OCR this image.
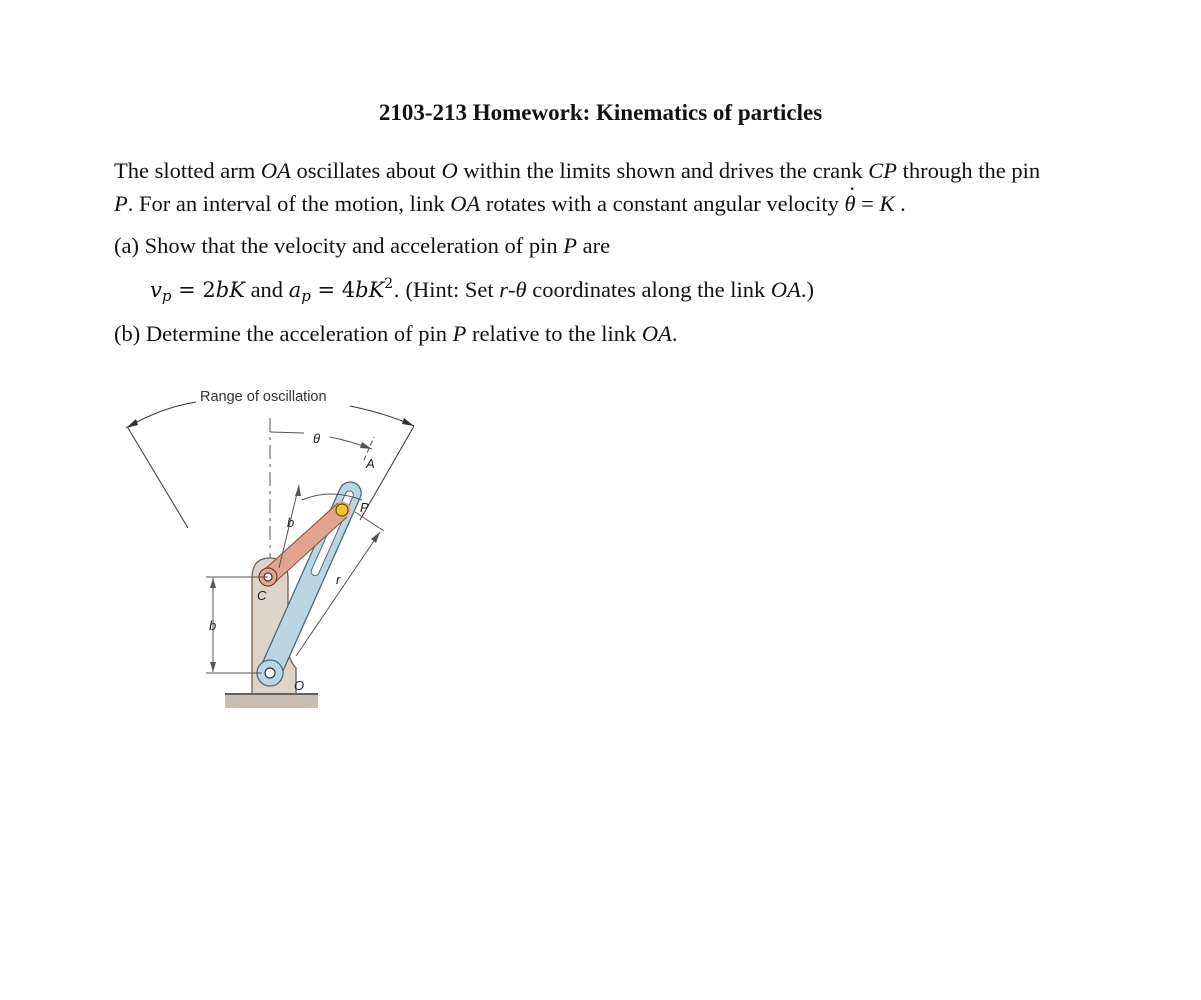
2103-213 Homework: Kinematics of particles
The slotted arm OA oscillates about O within the limits shown and drives the crank CP through the pin
P. For an interval of the motion, link OA rotates with a constant angular velocity θ · = K .
(a) Show that the velocity and acceleration of pin P are
$v_p = 2bK$ and $a_p = 4bK^2$. (Hint: Set r-θ coordinates along the link OA.)
(b) Determine the acceleration of pin P relative to the link OA.
Range of oscillation
θ
b
r
b
A
P
C
O
